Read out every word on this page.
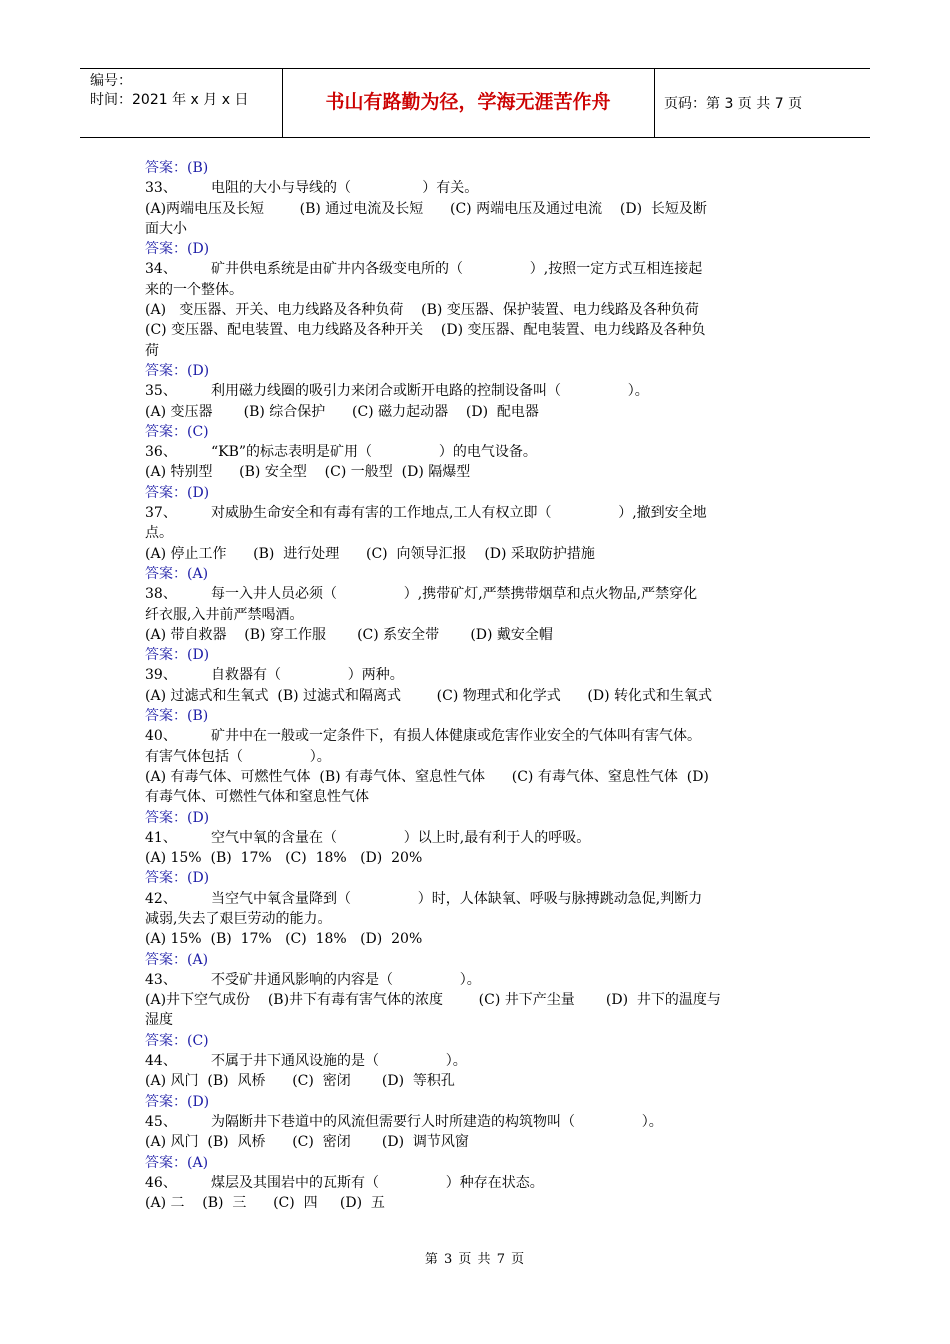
编号：
时间：2021 年 x 月 x 日	书山有路勤为径，学海无涯苦作舟	页码：第 3 页 共 7 页
答案：(B)
33、	电阻的大小与导线的（                ）有关。
(A)两端电压及长短        (B) 通过电流及长短      (C) 两端电压及通过电流    (D)  长短及断
面大小
答案：(D)
34、	矿井供电系统是由矿井内各级变电所的（               ）,按照一定方式互相连接起
来的一个整体。
(A)   变压器、开关、电力线路及各种负荷    (B) 变压器、保护装置、电力线路及各种负荷
(C) 变压器、配电装置、电力线路及各种开关    (D) 变压器、配电装置、电力线路及各种负
荷
答案：(D)
35、	利用磁力线圈的吸引力来闭合或断开电路的控制设备叫（               ）。
(A) 变压器       (B) 综合保护      (C) 磁力起动器    (D)  配电器
答案：(C)
36、	“KB”的标志表明是矿用（               ）的电气设备。
(A) 特别型      (B) 安全型    (C) 一般型  (D) 隔爆型
答案：(D)
37、	对威胁生命安全和有毒有害的工作地点,工人有权立即（               ）,撤到安全地
点。
(A) 停止工作      (B)  进行处理      (C)  向领导汇报    (D) 采取防护措施
答案：(A)
38、	每一入井人员必须（               ）,携带矿灯,严禁携带烟草和点火物品,严禁穿化
纤衣服,入井前严禁喝酒。
(A) 带自救器    (B) 穿工作服       (C) 系安全带       (D) 戴安全帽
答案：(D)
39、	自救器有（               ）两种。
(A) 过滤式和生氧式  (B) 过滤式和隔离式        (C) 物理式和化学式      (D) 转化式和生氧式
答案：(B)
40、	矿井中在一般或一定条件下，有损人体健康或危害作业安全的气体叫有害气体。
有害气体包括（               ）。
(A) 有毒气体、可燃性气体  (B) 有毒气体、窒息性气体      (C) 有毒气体、窒息性气体  (D)
有毒气体、可燃性气体和窒息性气体
答案：(D)
41、	空气中氧的含量在（               ）以上时,最有利于人的呼吸。
(A) 15%  (B)  17%   (C)  18%   (D)  20%
答案：(D)
42、	当空气中氧含量降到（               ）时，人体缺氧、呼吸与脉搏跳动急促,判断力
减弱,失去了艰巨劳动的能力。
(A) 15%  (B)  17%   (C)  18%   (D)  20%
答案：(A)
43、	不受矿井通风影响的内容是（               ）。
(A)井下空气成份    (B)井下有毒有害气体的浓度        (C) 井下产尘量       (D)  井下的温度与
湿度
答案：(C)
44、	不属于井下通风设施的是（               ）。
(A) 风门  (B)  风桥      (C)  密闭       (D)  等积孔
答案：(D)
45、	为隔断井下巷道中的风流但需要行人时所建造的构筑物叫（               ）。
(A) 风门  (B)  风桥      (C)  密闭       (D)  调节风窗
答案：(A)
46、	煤层及其围岩中的瓦斯有（               ）种存在状态。
(A) 二    (B)  三      (C)  四     (D)  五
第 3 页 共 7 页
